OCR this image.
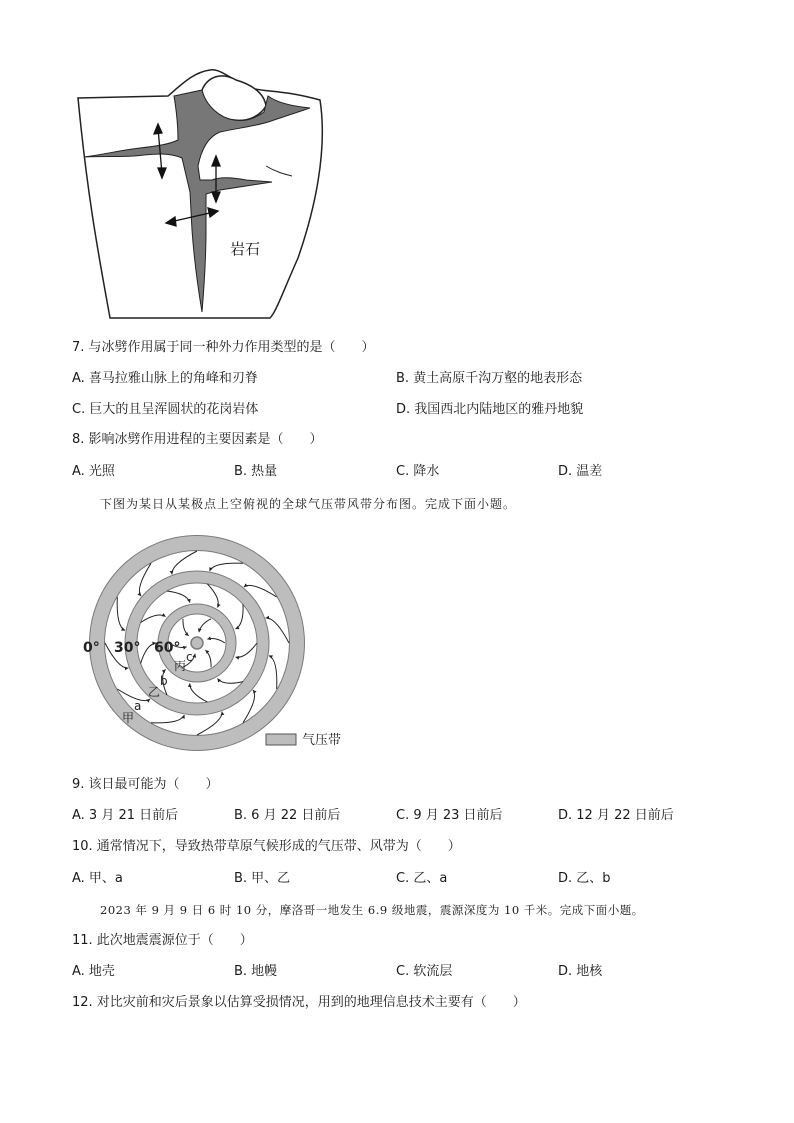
岩石
7. 与冰劈作用属于同一种外力作用类型的是（　　）
A. 喜马拉雅山脉上的角峰和刃脊	B. 黄土高原千沟万壑的地表形态
C. 巨大的且呈浑圆状的花岗岩体	D. 我国西北内陆地区的雅丹地貌
8. 影响冰劈作用进程的主要因素是（　　）
A. 光照	B. 热量	C. 降水	D. 温差
下图为某日从某极点上空俯视的全球气压带风带分布图。完成下面小题。
0° 30° 60°
甲
乙
丙
a
b
c
气压带
9. 该日最可能为（　　）
A. 3 月 21 日前后	B. 6 月 22 日前后	C. 9 月 23 日前后	D. 12 月 22 日前后
10. 通常情况下，导致热带草原气候形成的气压带、风带为（　　）
A. 甲、a	B. 甲、乙	C. 乙、a	D. 乙、b
2023 年 9 月 9 日 6 时 10 分，摩洛哥一地发生 6.9 级地震，震源深度为 10 千米。完成下面小题。
11. 此次地震震源位于（　　）
A. 地壳	B. 地幔	C. 软流层	D. 地核
12. 对比灾前和灾后景象以估算受损情况，用到的地理信息技术主要有（　　）
